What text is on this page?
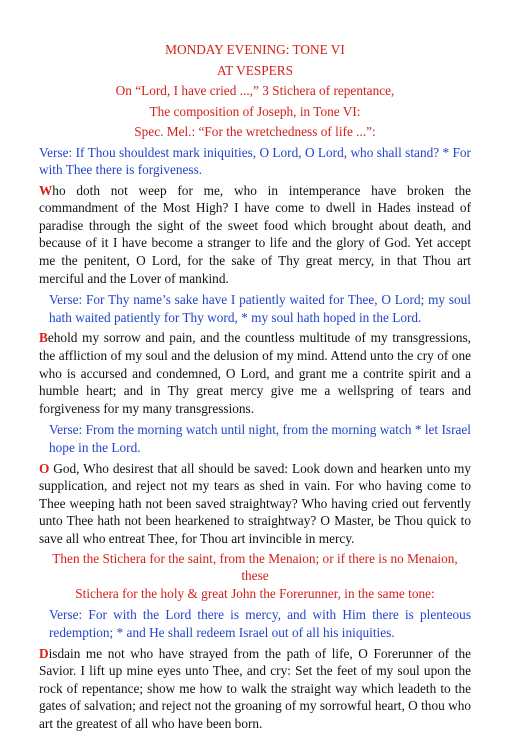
MONDAY EVENING: TONE VI

AT VESPERS

On “Lord, I have cried ...,” 3 Stichera of repentance,

The composition of Joseph, in Tone VI:

Spec. Mel.: “For the wretchedness of life ...”:

Verse: If Thou shouldest mark iniquities, O Lord, O Lord, who shall stand? * For with Thee there is forgiveness.

Who doth not weep for me, who in intemperance have broken the commandment of the Most High? I have come to dwell in Hades instead of paradise through the sight of the sweet food which brought about death, and because of it I have become a stranger to life and the glory of God. Yet accept me the penitent, O Lord, for the sake of Thy great mercy, in that Thou art merciful and the Lover of mankind.

Verse: For Thy name’s sake have I patiently waited for Thee, O Lord; my soul hath waited patiently for Thy word, * my soul hath hoped in the Lord.

Behold my sorrow and pain, and the countless multitude of my transgressions, the affliction of my soul and the delusion of my mind. Attend unto the cry of one who is accursed and condemned, O Lord, and grant me a contrite spirit and a humble heart; and in Thy great mercy give me a wellspring of tears and forgiveness for my many transgressions.

Verse: From the morning watch until night, from the morning watch * let Israel hope in the Lord.

O God, Who desirest that all should be saved: Look down and hearken unto my supplication, and reject not my tears as shed in vain. For who having come to Thee weeping hath not been saved straightway? Who having cried out fervently unto Thee hath not been hearkened to straightway? O Master, be Thou quick to save all who entreat Thee, for Thou art invincible in mercy.

Then the Stichera for the saint, from the Menaion; or if there is no Menaion, these

Stichera for the holy & great John the Forerunner, in the same tone:

Verse: For with the Lord there is mercy, and with Him there is plenteous redemption; * and He shall redeem Israel out of all his iniquities.

Disdain me not who have strayed from the path of life, O Forerunner of the Savior. I lift up mine eyes unto Thee, and cry: Set the feet of my soul upon the rock of repentance; show me how to walk the straight way which leadeth to the gates of salvation; and reject not the groaning of my sorrowful heart, O thou who art the greatest of all who have been born.
